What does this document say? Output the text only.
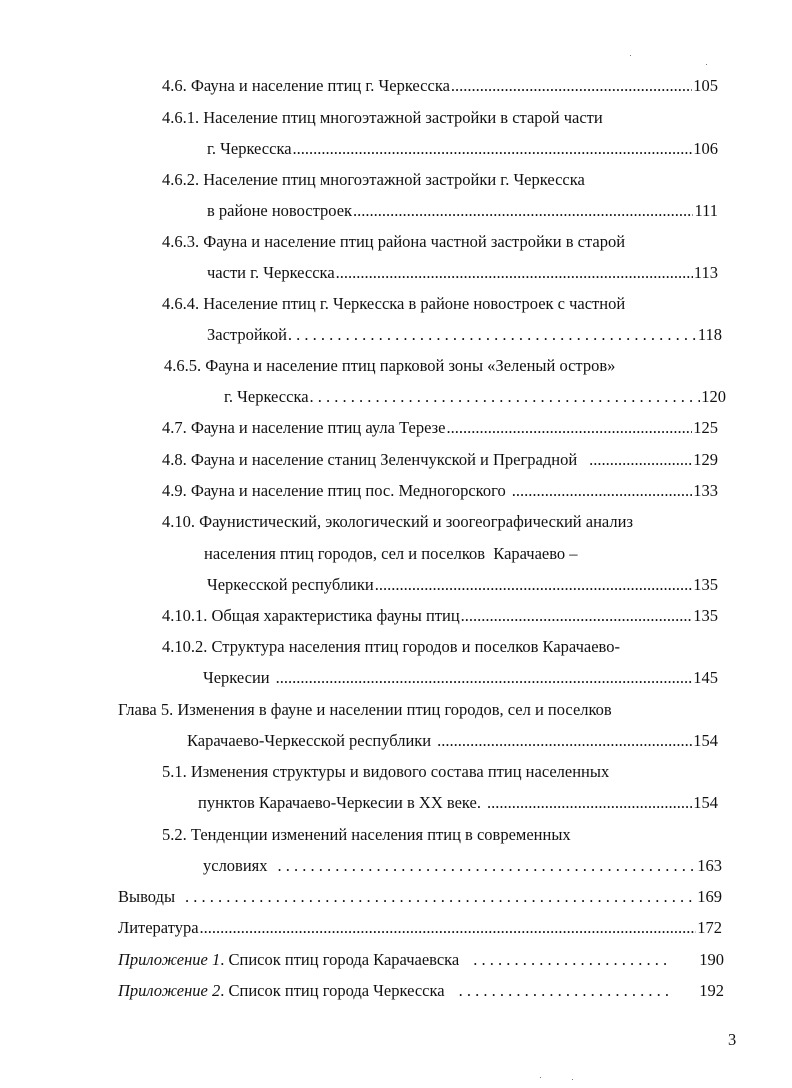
4.6. Фауна и население птиц г. Черкесска .....	105
4.6.1. Население птиц многоэтажной застройки в старой части
г. Черкесска .....	106
4.6.2. Население птиц многоэтажной застройки г. Черкесска
в районе новостроек .....	111
4.6.3. Фауна и население птиц района частной застройки в старой
части г. Черкесска .....	113
4.6.4. Население птиц г. Черкесска в районе новостроек с частной
Застройкой . . .	118
4.6.5. Фауна и население птиц парковой зоны «Зеленый остров»
г. Черкесска . . .	120
4.7. Фауна и население птиц аула Терезе .....	125
4.8. Фауна и население станиц Зеленчукской и Преградной .....	129
4.9. Фауна и население птиц пос. Медногорского .....	133
4.10. Фаунистический, экологический и зоогеографический анализ
населения птиц городов, сел и поселков  Карачаево –
Черкесской республики .....	135
4.10.1. Общая характеристика фауны птиц .....	135
4.10.2. Структура населения птиц городов и поселков Карачаево-
Черкесии .....	145
Глава 5. Изменения в фауне и населении птиц городов, сел и поселков
Карачаево-Черкесской республики .....	154
5.1. Изменения структуры и видового состава птиц населенных
пунктов Карачаево-Черкесии в XX веке. .....	154
5.2. Тенденции изменений населения птиц в современных
условиях . . .	163
Выводы . . .	169
Литература .....	172
Приложение 1 . Список птиц города Карачаевска . . .	190
Приложение 2 . Список птиц города Черкесска . . .	192
3
